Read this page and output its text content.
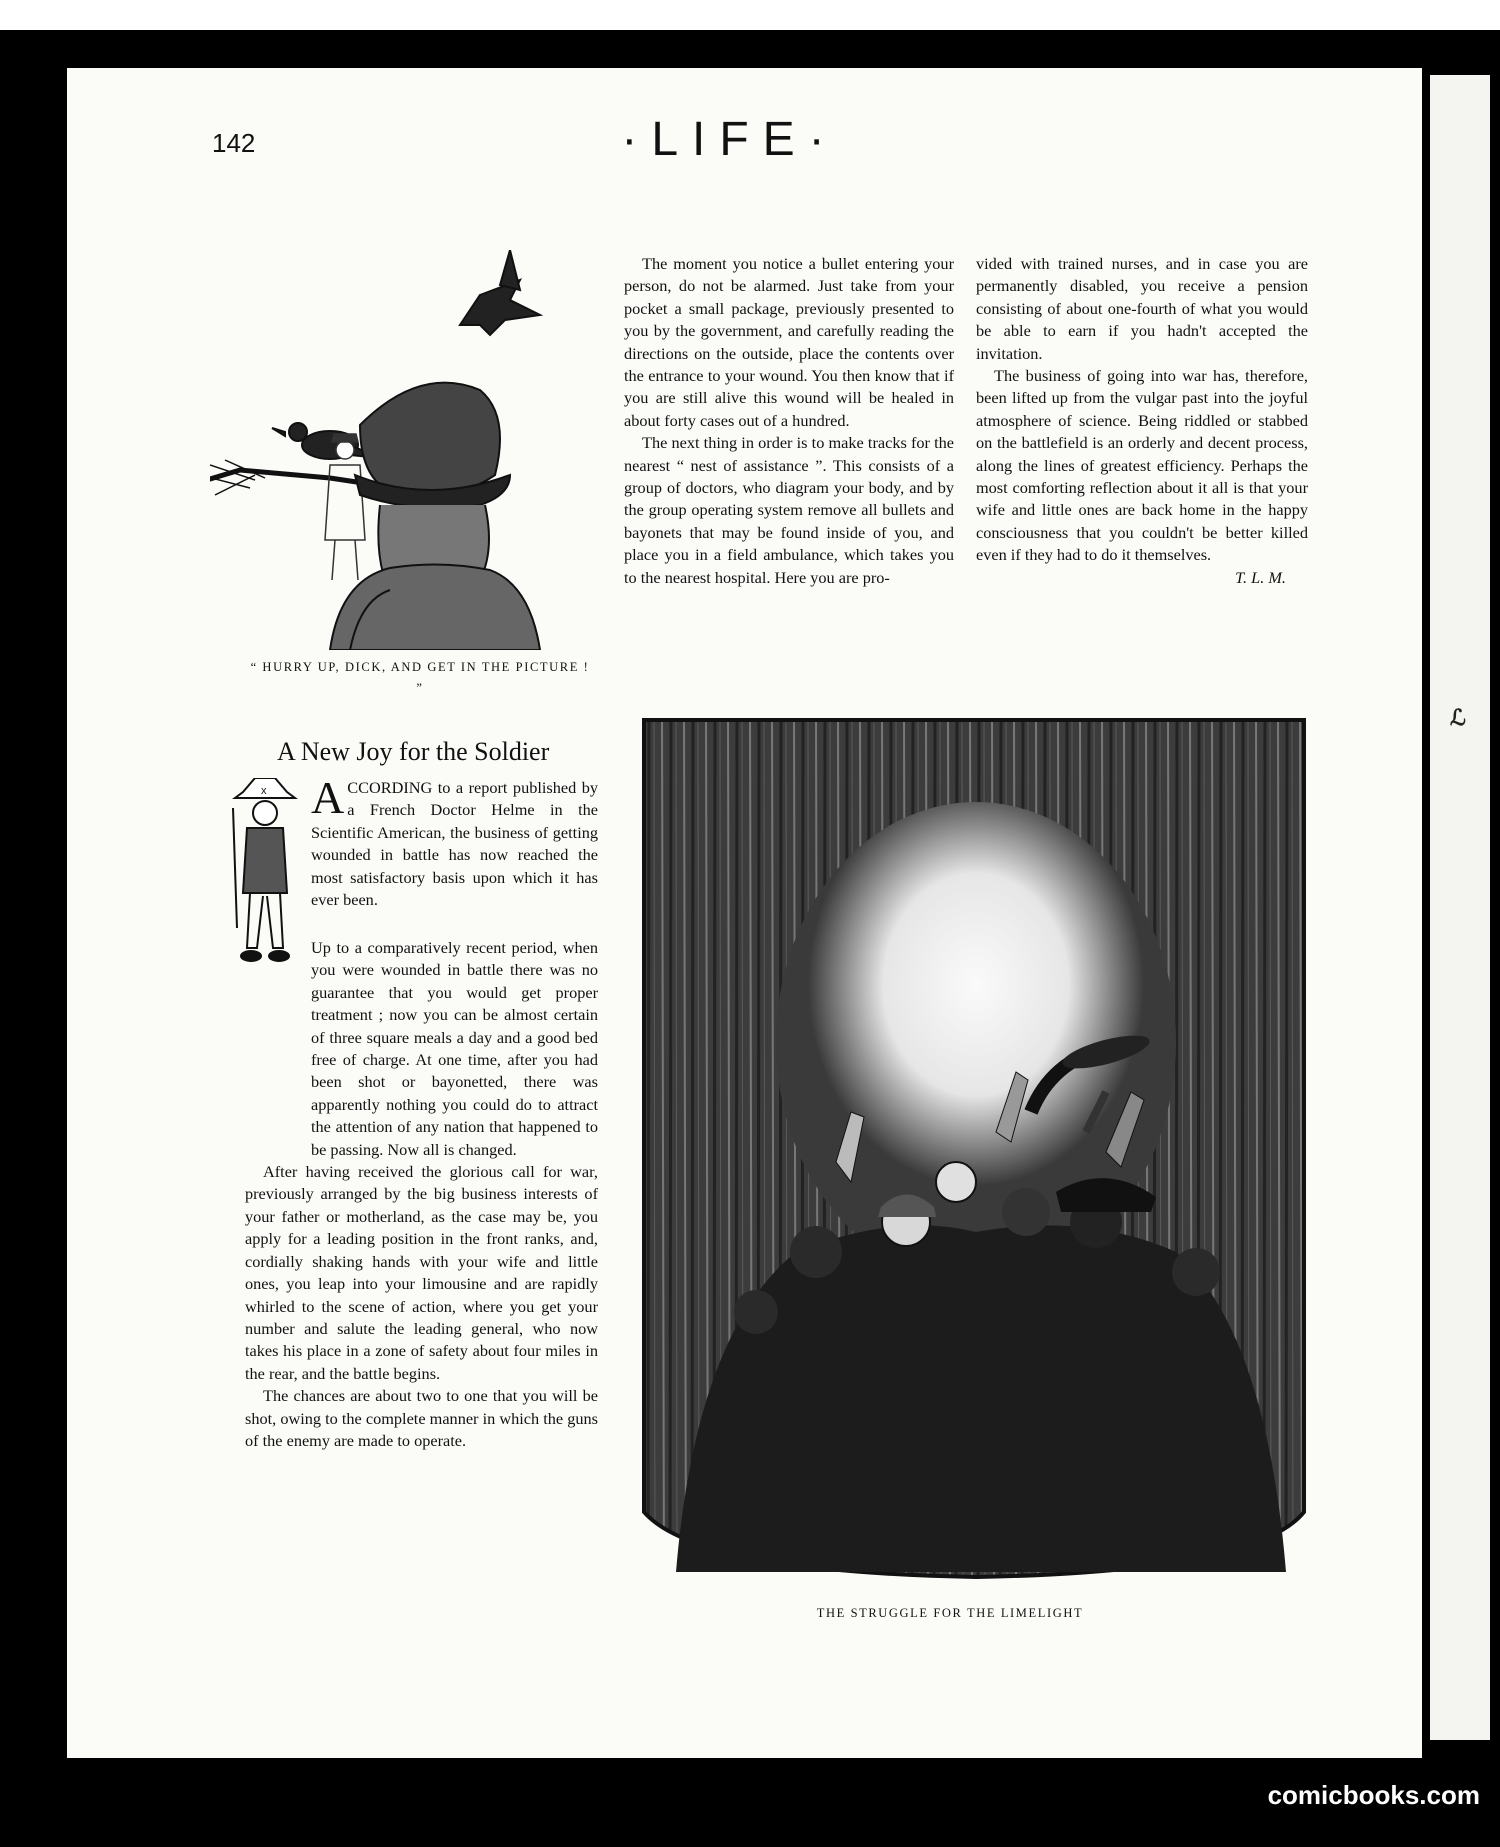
ℒ
142	·LIFE·
“ HURRY UP, DICK, AND GET IN THE PICTURE ! ”

The moment you notice a bullet entering your person, do not be alarmed. Just take from your pocket a small package, previously presented to you by the government, and carefully reading the directions on the outside, place the contents over the entrance to your wound. You then know that if you are still alive this wound will be healed in about forty cases out of a hundred.

The next thing in order is to make tracks for the nearest “ nest of assistance ”. This consists of a group of doctors, who diagram your body, and by the group operating system remove all bullets and bayonets that may be found inside of you, and place you in a field ambulance, which takes you to the nearest hospital. Here you are pro-

vided with trained nurses, and in case you are permanently disabled, you receive a pension consisting of about one-fourth of what you would be able to earn if you hadn't accepted the invitation.

The business of going into war has, therefore, been lifted up from the vulgar past into the joyful atmosphere of science. Being riddled or stabbed on the battlefield is an orderly and decent process, along the lines of greatest efficiency. Perhaps the most comforting reflection about it all is that your wife and little ones are back home in the happy consciousness that you couldn't be better killed even if they had to do it themselves.

T. L. M.
A New Joy for the Soldier
x ACCORDING to a report published by a French Doctor Helme in the Scientific American, the business of getting wounded in battle has now reached the most satisfactory basis upon which it has ever been.

Up to a comparatively recent period, when you were wounded in battle there was no guarantee that you would get proper treatment ; now you can be almost certain of three square meals a day and a good bed free of charge. At one time, after you had been shot or bayonetted, there was apparently nothing you could do to attract the attention of any nation that happened to be passing. Now all is changed.

After having received the glorious call for war, previously arranged by the big business interests of your father or motherland, as the case may be, you apply for a leading position in the front ranks, and, cordially shaking hands with your wife and little ones, you leap into your limousine and are rapidly whirled to the scene of action, where you get your number and salute the leading general, who now takes his place in a zone of safety about four miles in the rear, and the battle begins.

The chances are about two to one that you will be shot, owing to the complete manner in which the guns of the enemy are made to operate.

THE STRUGGLE FOR THE LIMELIGHT
comicbooks.com
